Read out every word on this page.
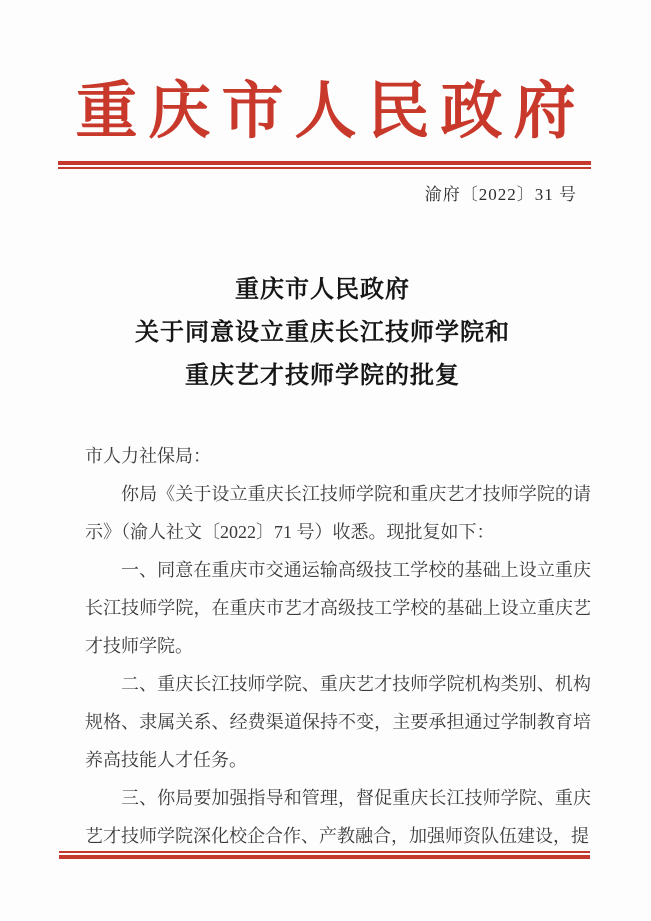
重庆市人民政府
渝府〔2022〕31 号
重庆市人民政府
关于同意设立重庆长江技师学院和
重庆艺才技师学院的批复

市人力社保局：

你局《关于设立重庆长江技师学院和重庆艺才技师学院的请示》（渝人社文〔2022〕71 号）收悉。现批复如下：

一、同意在重庆市交通运输高级技工学校的基础上设立重庆长江技师学院，在重庆市艺才高级技工学校的基础上设立重庆艺才技师学院。

二、重庆长江技师学院、重庆艺才技师学院机构类别、机构规格、隶属关系、经费渠道保持不变，主要承担通过学制教育培养高技能人才任务。

三、你局要加强指导和管理，督促重庆长江技师学院、重庆艺才技师学院深化校企合作、产教融合，加强师资队伍建设，提
